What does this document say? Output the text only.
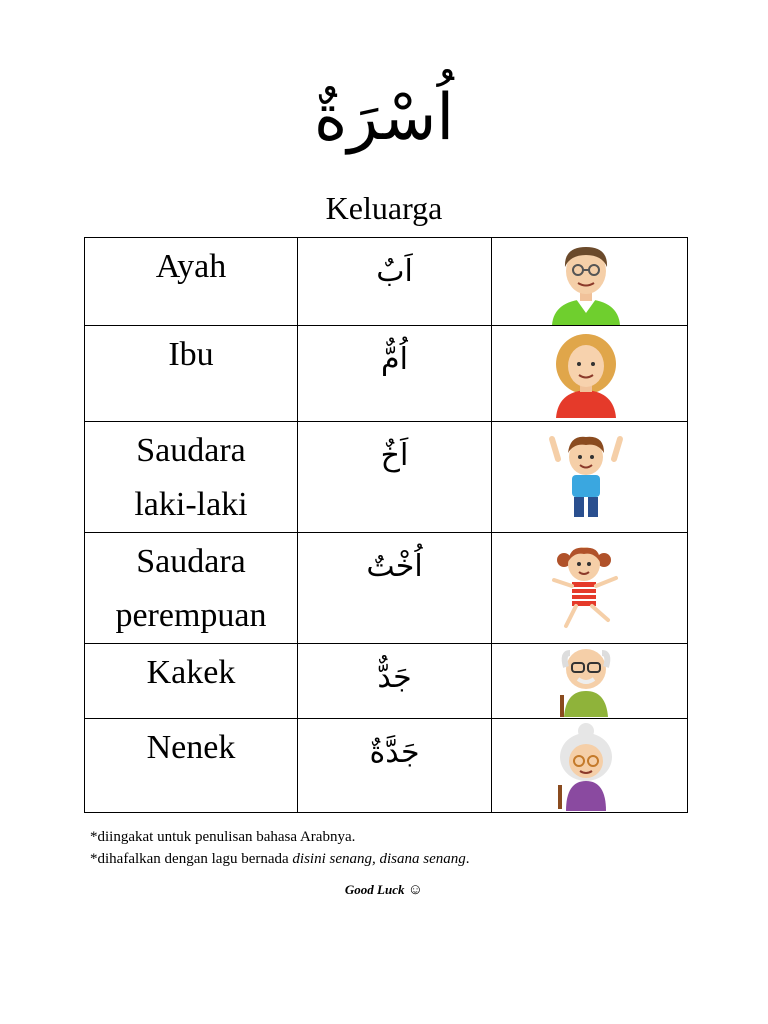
اُسْرَةٌ
Keluarga
Ayah	اَبٌ

Ibu	اُمٌّ

Saudara laki-laki	اَخٌ

Saudara perempuan	اُخْتٌ

Kakek	جَدٌّ

Nenek	جَدَّةٌ

*diingakat untuk penulisan bahasa Arabnya.
*dihafalkan dengan lagu bernada disini senang, disana senang.
Good Luck ☺
